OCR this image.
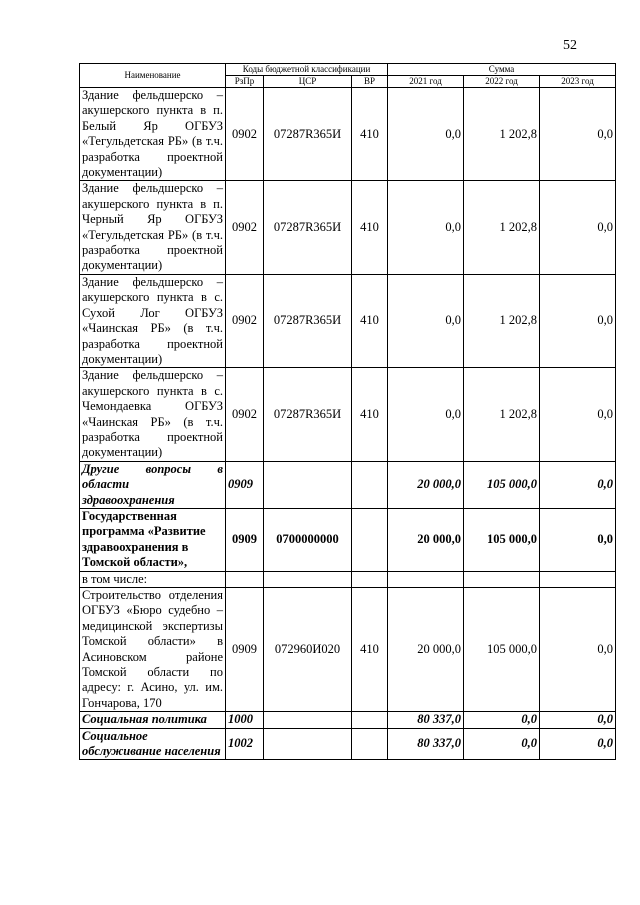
52
Наименование	Коды бюджетной классификации			Сумма		
	РзПр	ЦСР	ВР	2021 год	2022 год	2023 год
Здание фельдшерско – акушерского пункта в п. Белый Яр ОГБУЗ «Тегульдетская РБ» (в т.ч. разработка проектной документации)	0902	07287R365И	410	0,0	1 202,8	0,0
Здание фельдшерско – акушерского пункта в п. Черный Яр ОГБУЗ «Тегульдетская РБ» (в т.ч. разработка проектной документации)	0902	07287R365И	410	0,0	1 202,8	0,0
Здание фельдшерско – акушерского пункта в с. Сухой Лог ОГБУЗ «Чаинская РБ» (в т.ч. разработка проектной документации)	0902	07287R365И	410	0,0	1 202,8	0,0
Здание фельдшерско – акушерского пункта в с. Чемондаевка ОГБУЗ «Чаинская РБ» (в т.ч. разработка проектной документации)	0902	07287R365И	410	0,0	1 202,8	0,0
Другие вопросы в области здравоохранения	0909			20 000,0	105 000,0	0,0
Государственная программа «Развитие здравоохранения в Томской области»,	0909	0700000000		20 000,0	105 000,0	0,0
в том числе:						
Строительство отделения ОГБУЗ «Бюро судебно – медицинской экспертизы Томской области» в Асиновском районе Томской области по адресу: г. Асино, ул. им. Гончарова, 170	0909	072960И020	410	20 000,0	105 000,0	0,0
Социальная политика	1000			80 337,0	0,0	0,0
Социальное обслуживание населения	1002			80 337,0	0,0	0,0
